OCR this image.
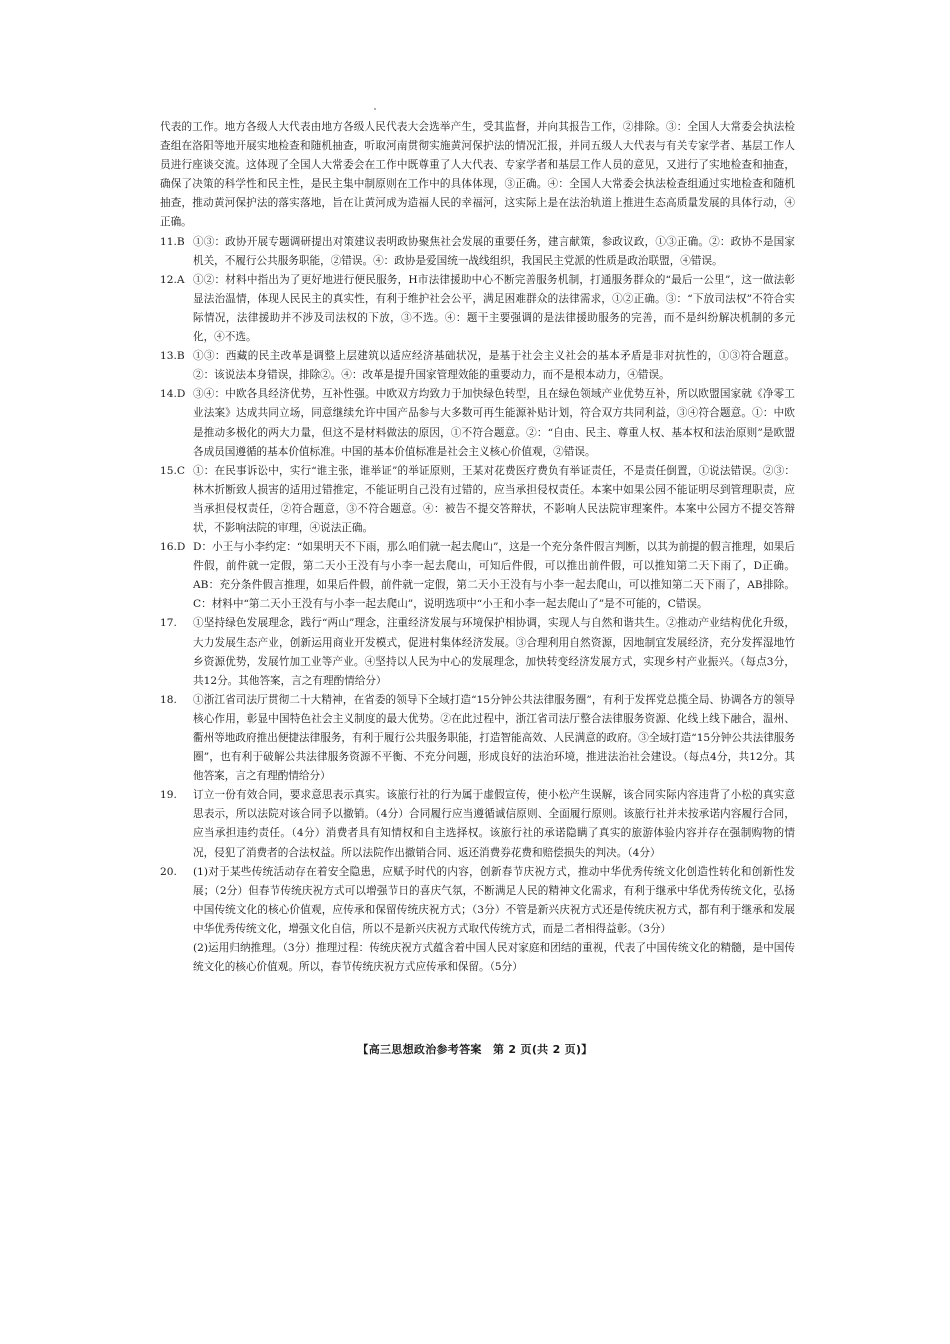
代表的工作。地方各级人大代表由地方各级人民代表大会选举产生，受其监督，并向其报告工作，②排除。③：全国人大常委会执法检查组在洛阳等地开展实地检查和随机抽查，听取河南贯彻实施黄河保护法的情况汇报，并同五级人大代表与有关专家学者、基层工作人员进行座谈交流。这体现了全国人大常委会在工作中既尊重了人大代表、专家学者和基层工作人员的意见，又进行了实地检查和抽查，确保了决策的科学性和民主性，是民主集中制原则在工作中的具体体现，③正确。④：全国人大常委会执法检查组通过实地检查和随机抽查，推动黄河保护法的落实落地，旨在让黄河成为造福人民的幸福河，这实际上是在法治轨道上推进生态高质量发展的具体行动，④正确。

11.B ①③：政协开展专题调研提出对策建议表明政协聚焦社会发展的重要任务，建言献策，参政议政，①③正确。②：政协不是国家机关，不履行公共服务职能，②错误。④：政协是爱国统一战线组织，我国民主党派的性质是政治联盟，④错误。
12.A ①②：材料中指出为了更好地进行便民服务，H市法律援助中心不断完善服务机制，打通服务群众的“最后一公里”，这一做法彰显法治温情，体现人民民主的真实性，有利于维护社会公平，满足困难群众的法律需求，①②正确。③：“下放司法权”不符合实际情况，法律援助并不涉及司法权的下放，③不选。④：题干主要强调的是法律援助服务的完善，而不是纠纷解决机制的多元化，④不选。
13.B ①③：西藏的民主改革是调整上层建筑以适应经济基础状况，是基于社会主义社会的基本矛盾是非对抗性的，①③符合题意。②：该说法本身错误，排除②。④：改革是提升国家管理效能的重要动力，而不是根本动力，④错误。
14.D ③④：中欧各具经济优势，互补性强。中欧双方均致力于加快绿色转型，且在绿色领域产业优势互补，所以欧盟国家就《净零工业法案》达成共同立场，同意继续允许中国产品参与大多数可再生能源补贴计划，符合双方共同利益，③④符合题意。①：中欧是推动多极化的两大力量，但这不是材料做法的原因，①不符合题意。②：“自由、民主、尊重人权、基本权和法治原则”是欧盟各成员国遵循的基本价值标准。中国的基本价值标准是社会主义核心价值观，②错误。
15.C ①：在民事诉讼中，实行“谁主张，谁举证”的举证原则，王某对花费医疗费负有举证责任，不是责任倒置，①说法错误。②③：林木折断致人损害的适用过错推定，不能证明自己没有过错的，应当承担侵权责任。本案中如果公园不能证明尽到管理职责，应当承担侵权责任，②符合题意，③不符合题意。④：被告不提交答辩状，不影响人民法院审理案件。本案中公园方不提交答辩状，不影响法院的审理，④说法正确。
16.D D：小王与小李约定：“如果明天不下雨，那么咱们就一起去爬山”，这是一个充分条件假言判断，以其为前提的假言推理，如果后件假，前件就一定假，第二天小王没有与小李一起去爬山，可知后件假，可以推出前件假，可以推知第二天下雨了，D正确。AB：充分条件假言推理，如果后件假，前件就一定假，第二天小王没有与小李一起去爬山，可以推知第二天下雨了，AB排除。C：材料中“第二天小王没有与小李一起去爬山”，说明选项中“小王和小李一起去爬山了”是不可能的，C错误。
17.	①坚持绿色发展理念，践行“两山”理念，注重经济发展与环境保护相协调，实现人与自然和谐共生。②推动产业结构优化升级，大力发展生态产业，创新运用商业开发模式，促进村集体经济发展。③合理利用自然资源，因地制宜发展经济，充分发挥湿地竹乡资源优势，发展竹加工业等产业。④坚持以人民为中心的发展理念，加快转变经济发展方式，实现乡村产业振兴。（每点3分，共12分。其他答案，言之有理酌情给分）
18.	①浙江省司法厅贯彻二十大精神，在省委的领导下全域打造“15分钟公共法律服务圈”，有利于发挥党总揽全局、协调各方的领导核心作用，彰显中国特色社会主义制度的最大优势。②在此过程中，浙江省司法厅整合法律服务资源、化线上线下融合，温州、衢州等地政府推出便捷法律服务，有利于履行公共服务职能，打造智能高效、人民满意的政府。③全域打造“15分钟公共法律服务圈”，也有利于破解公共法律服务资源不平衡、不充分问题，形成良好的法治环境，推进法治社会建设。（每点4分，共12分。其他答案，言之有理酌情给分）
19.	订立一份有效合同，要求意思表示真实。该旅行社的行为属于虚假宣传，使小松产生误解，该合同实际内容违背了小松的真实意思表示，所以法院对该合同予以撤销。（4分）合同履行应当遵循诚信原则、全面履行原则。该旅行社并未按承诺内容履行合同，应当承担违约责任。（4分）消费者具有知情权和自主选择权。该旅行社的承诺隐瞒了真实的旅游体验内容并存在强制购物的情况，侵犯了消费者的合法权益。所以法院作出撤销合同、返还消费券花费和赔偿损失的判决。（4分）
20.	(1)对于某些传统活动存在着安全隐患，应赋予时代的内容，创新春节庆祝方式，推动中华优秀传统文化创造性转化和创新性发展；（2分）但春节传统庆祝方式可以增强节日的喜庆气氛，不断满足人民的精神文化需求，有利于继承中华优秀传统文化，弘扬中国传统文化的核心价值观，应传承和保留传统庆祝方式；（3分）不管是新兴庆祝方式还是传统庆祝方式，都有利于继承和发展中华优秀传统文化，增强文化自信，所以不是新兴庆祝方式取代传统方式，而是二者相得益彰。（3分）

(2)运用归纳推理。（3分）推理过程：传统庆祝方式蕴含着中国人民对家庭和团结的重视，代表了中国传统文化的精髓，是中国传统文化的核心价值观。所以，春节传统庆祝方式应传承和保留。（5分）

【高三思想政治参考答案　第 2 页(共 2 页)】
